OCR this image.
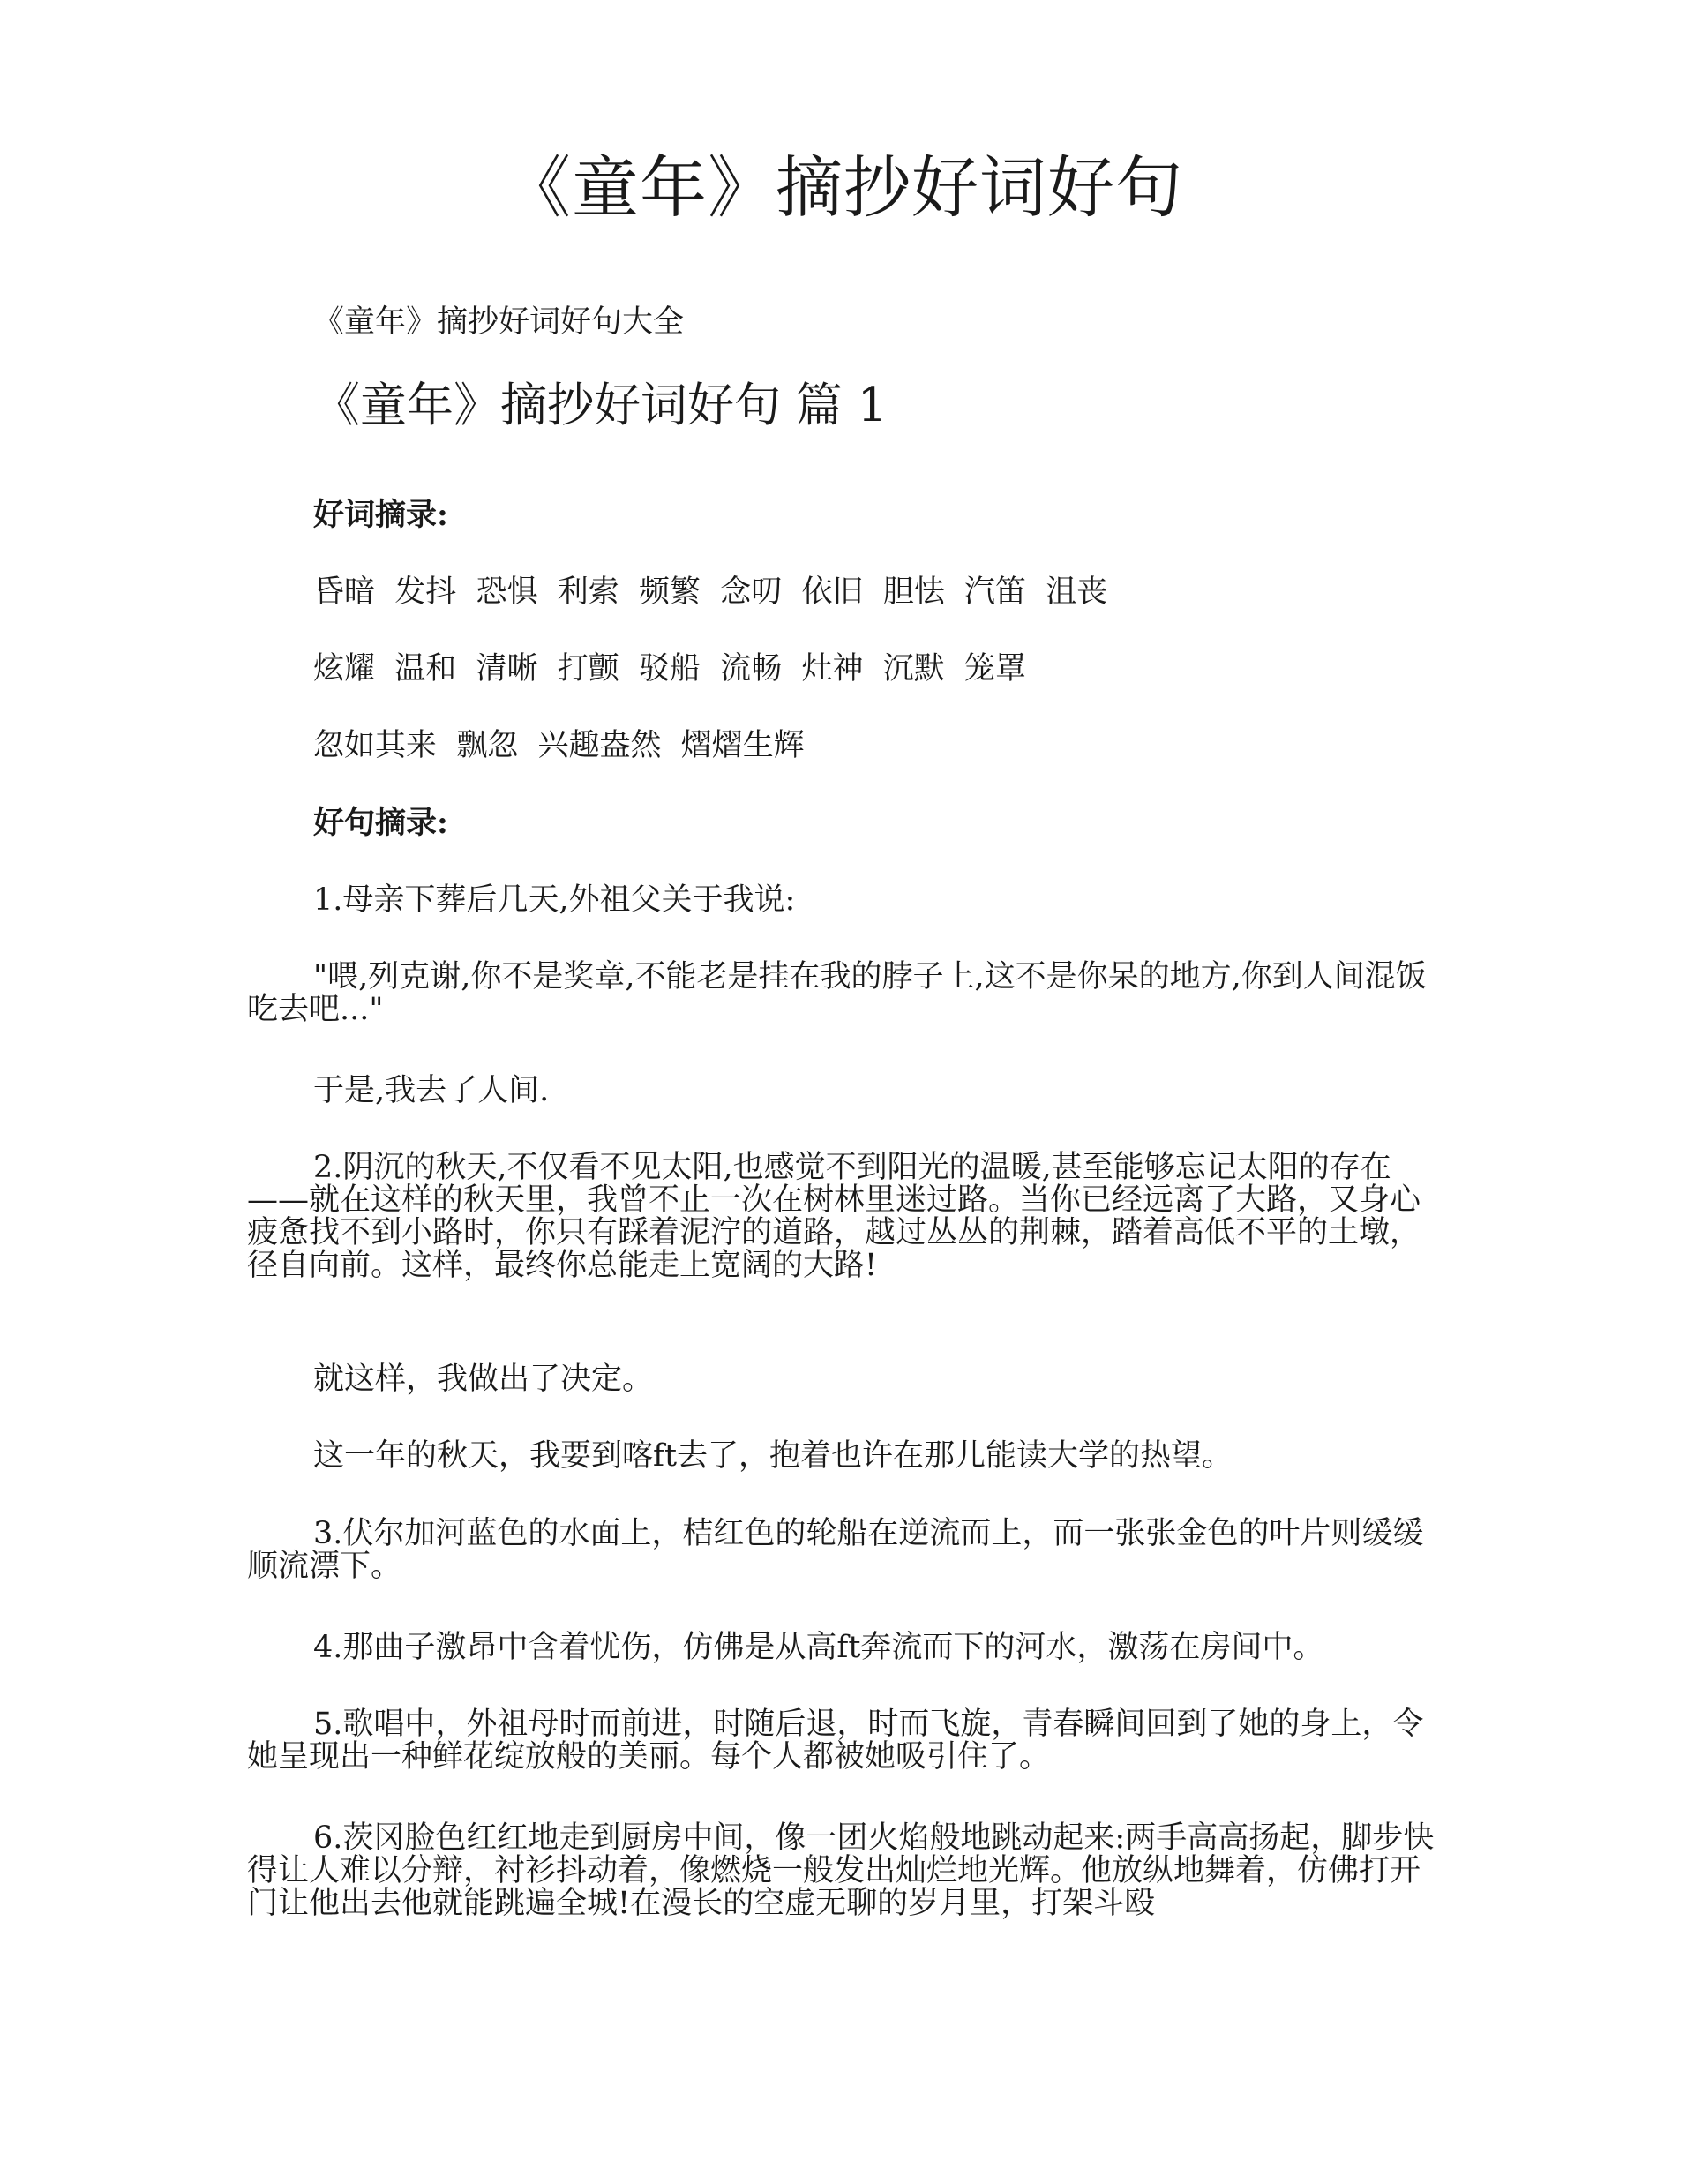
《童年》摘抄好词好句
《童年》摘抄好词好句大全
《童年》摘抄好词好句 篇 1
好词摘录:
昏暗  发抖  恐惧  利索  频繁  念叨  依旧  胆怯  汽笛  沮丧
炫耀  温和  清晰  打颤  驳船  流畅  灶神  沉默  笼罩
忽如其来  飘忽  兴趣盎然  熠熠生辉
好句摘录:
1.母亲下葬后几天,外祖父关于我说:
"喂,列克谢,你不是奖章,不能老是挂在我的脖子上,这不是你呆的地方,你到人间混饭吃去吧..."
于是,我去了人间.
2.阴沉的秋天,不仅看不见太阳,也感觉不到阳光的温暖,甚至能够忘记太阳的存在——就在这样的秋天里，我曾不止一次在树林里迷过路。当你已经远离了大路，又身心疲惫找不到小路时，你只有踩着泥泞的道路，越过丛丛的荆棘，踏着高低不平的土墩，径自向前。这样，最终你总能走上宽阔的大路!
就这样，我做出了决定。
这一年的秋天，我要到喀ft去了，抱着也许在那儿能读大学的热望。
3.伏尔加河蓝色的水面上，桔红色的轮船在逆流而上，而一张张金色的叶片则缓缓顺流漂下。
4.那曲子激昂中含着忧伤，仿佛是从高ft奔流而下的河水，激荡在房间中。
5.歌唱中，外祖母时而前进，时随后退，时而飞旋，青春瞬间回到了她的身上，令她呈现出一种鲜花绽放般的美丽。每个人都被她吸引住了。
6.茨冈脸色红红地走到厨房中间，像一团火焰般地跳动起来:两手高高扬起，脚步快得让人难以分辩，衬衫抖动着，像燃烧一般发出灿烂地光辉。他放纵地舞着，仿佛打开门让他出去他就能跳遍全城!在漫长的空虚无聊的岁月里，打架斗殴
